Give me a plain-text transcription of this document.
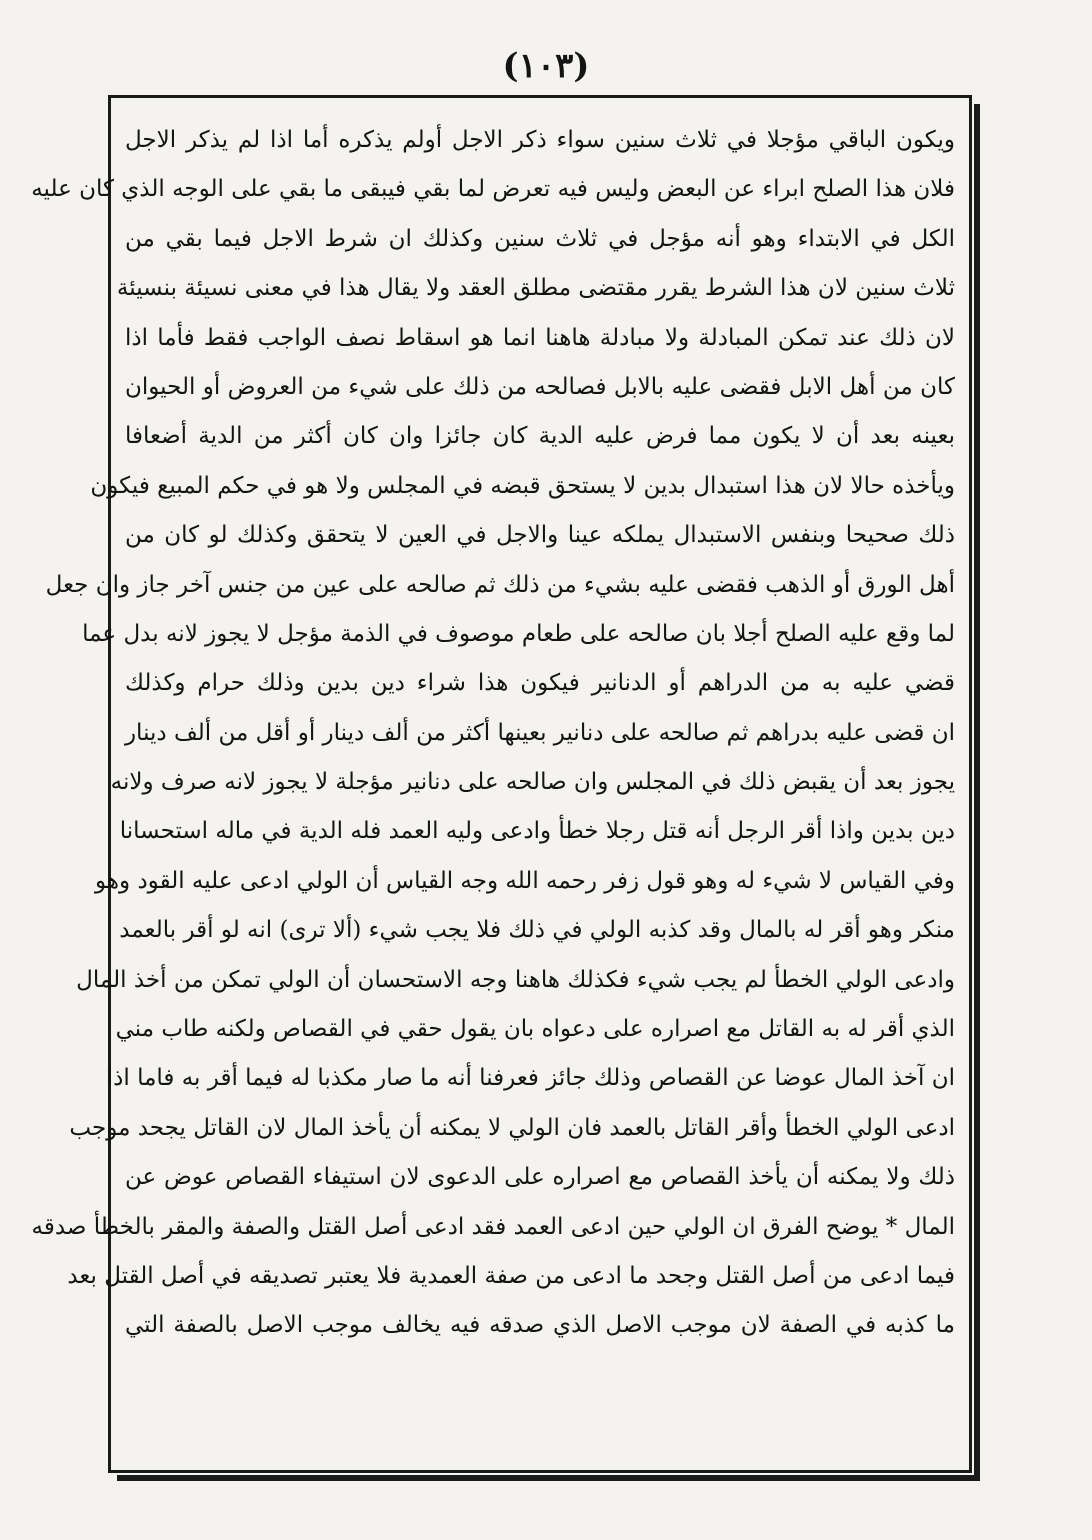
(١٠٣)
ويكون الباقي مؤجلا في ثلاث سنين سواء ذكر الاجل أولم يذكره أما اذا لم يذكر الاجل
فلان هذا الصلح ابراء عن البعض وليس فيه تعرض لما بقي فيبقى ما بقي على الوجه الذي كان عليه
الكل في الابتداء وهو أنه مؤجل في ثلاث سنين وكذلك ان شرط الاجل فيما بقي من
ثلاث سنين لان هذا الشرط يقرر مقتضى مطلق العقد ولا يقال هذا في معنى نسيئة بنسيئة
لان ذلك عند تمكن المبادلة ولا مبادلة هاهنا انما هو اسقاط نصف الواجب فقط فأما اذا
كان من أهل الابل فقضى عليه بالابل فصالحه من ذلك على شيء من العروض أو الحيوان
بعينه بعد أن لا يكون مما فرض عليه الدية كان جائزا وان كان أكثر من الدية أضعافا
ويأخذه حالا لان هذا استبدال بدين لا يستحق قبضه في المجلس ولا هو في حكم المبيع فيكون
ذلك صحيحا وبنفس الاستبدال يملكه عينا والاجل في العين لا يتحقق وكذلك لو كان من
أهل الورق أو الذهب فقضى عليه بشيء من ذلك ثم صالحه على عين من جنس آخر جاز وان جعل
لما وقع عليه الصلح أجلا بان صالحه على طعام موصوف في الذمة مؤجل لا يجوز لانه بدل عما
قضي عليه به من الدراهم أو الدنانير فيكون هذا شراء دين بدين وذلك حرام وكذلك
ان قضى عليه بدراهم ثم صالحه على دنانير بعينها أكثر من ألف دينار أو أقل من ألف دينار
يجوز بعد أن يقبض ذلك في المجلس وان صالحه على دنانير مؤجلة لا يجوز لانه صرف ولانه
دين بدين واذا أقر الرجل أنه قتل رجلا خطأ وادعى وليه العمد فله الدية في ماله استحسانا
وفي القياس لا شيء له وهو قول زفر رحمه الله وجه القياس أن الولي ادعى عليه القود وهو
منكر وهو أقر له بالمال وقد كذبه الولي في ذلك فلا يجب شيء (ألا ترى) انه لو أقر بالعمد
وادعى الولي الخطأ لم يجب شيء فكذلك هاهنا وجه الاستحسان أن الولي تمكن من أخذ المال
الذي أقر له به القاتل مع اصراره على دعواه بان يقول حقي في القصاص ولكنه طاب مني
ان آخذ المال عوضا عن القصاص وذلك جائز فعرفنا أنه ما صار مكذبا له فيما أقر به فاما اذا
ادعى الولي الخطأ وأقر القاتل بالعمد فان الولي لا يمكنه أن يأخذ المال لان القاتل يجحد موجب
ذلك ولا يمكنه أن يأخذ القصاص مع اصراره على الدعوى لان استيفاء القصاص عوض عن
المال * يوضح الفرق ان الولي حين ادعى العمد فقد ادعى أصل القتل والصفة والمقر بالخطأ صدقه
فيما ادعى من أصل القتل وجحد ما ادعى من صفة العمدية فلا يعتبر تصديقه في أصل القتل بعد
ما كذبه في الصفة لان موجب الاصل الذي صدقه فيه يخالف موجب الاصل بالصفة التي
